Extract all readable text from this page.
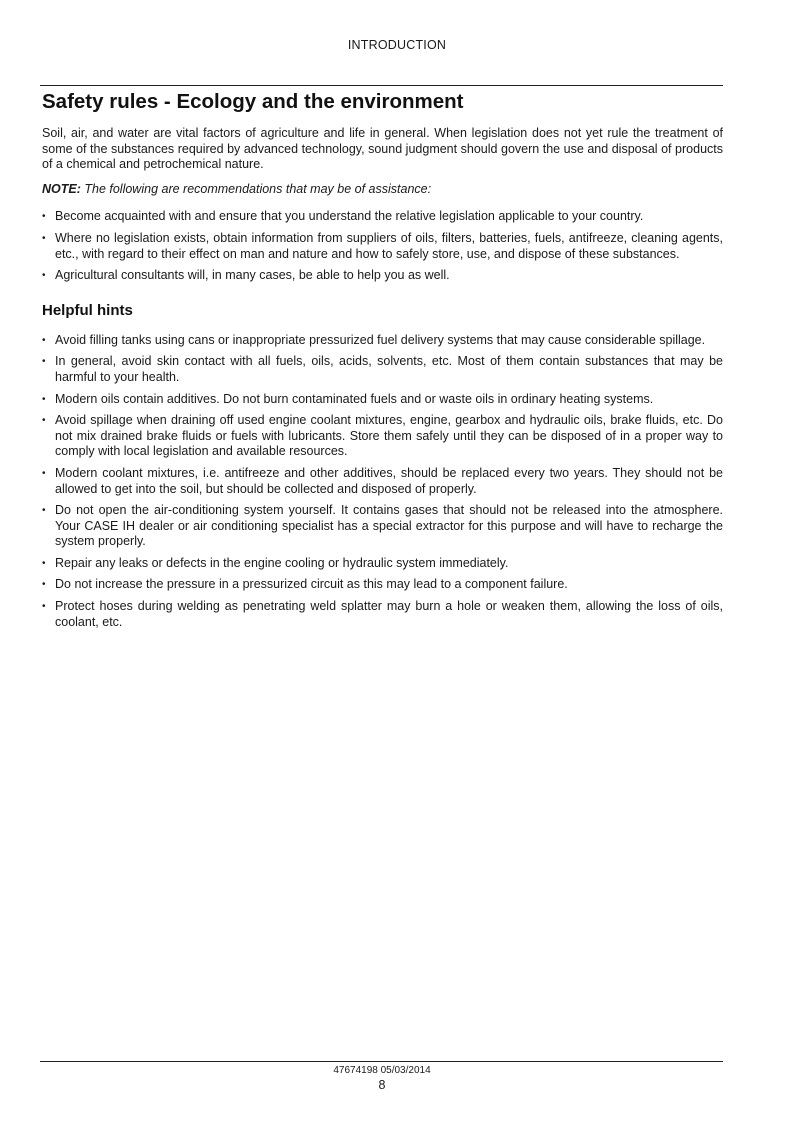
INTRODUCTION
Safety rules - Ecology and the environment

Soil, air, and water are vital factors of agriculture and life in general. When legislation does not yet rule the treatment of some of the substances required by advanced technology, sound judgment should govern the use and disposal of products of a chemical and petrochemical nature.

NOTE: The following are recommendations that may be of assistance:

• Become acquainted with and ensure that you understand the relative legislation applicable to your country.
• Where no legislation exists, obtain information from suppliers of oils, filters, batteries, fuels, antifreeze, cleaning agents, etc., with regard to their effect on man and nature and how to safely store, use, and dispose of these substances.
• Agricultural consultants will, in many cases, be able to help you as well.
Helpful hints
• Avoid filling tanks using cans or inappropriate pressurized fuel delivery systems that may cause considerable spillage.
• In general, avoid skin contact with all fuels, oils, acids, solvents, etc. Most of them contain substances that may be harmful to your health.
• Modern oils contain additives. Do not burn contaminated fuels and or waste oils in ordinary heating systems.
• Avoid spillage when draining off used engine coolant mixtures, engine, gearbox and hydraulic oils, brake fluids, etc. Do not mix drained brake fluids or fuels with lubricants. Store them safely until they can be disposed of in a proper way to comply with local legislation and available resources.
• Modern coolant mixtures, i.e. antifreeze and other additives, should be replaced every two years. They should not be allowed to get into the soil, but should be collected and disposed of properly.
• Do not open the air-conditioning system yourself. It contains gases that should not be released into the atmosphere. Your CASE IH dealer or air conditioning specialist has a special extractor for this purpose and will have to recharge the system properly.
• Repair any leaks or defects in the engine cooling or hydraulic system immediately.
• Do not increase the pressure in a pressurized circuit as this may lead to a component failure.
• Protect hoses during welding as penetrating weld splatter may burn a hole or weaken them, allowing the loss of oils, coolant, etc.
47674198 05/03/2014
8
